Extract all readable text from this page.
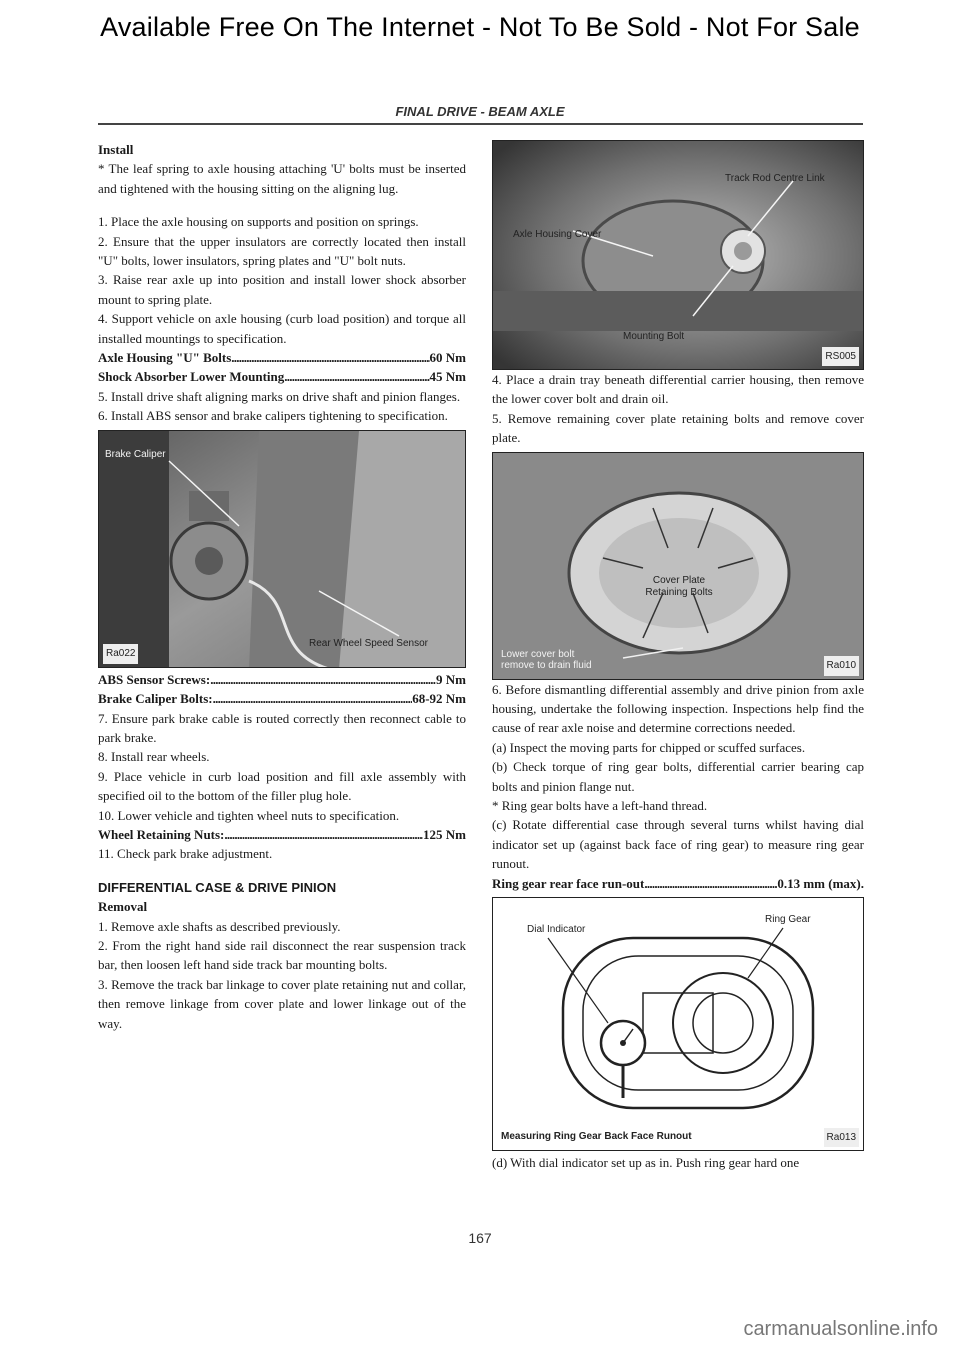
Available Free On The Internet - Not To Be Sold - Not For Sale
FINAL DRIVE - BEAM AXLE
Install
* The leaf spring to axle housing attaching 'U' bolts must be inserted and tightened with the housing sitting on the aligning lug.
1. Place the axle housing on supports and position on springs.
2. Ensure that the upper insulators are correctly located then install "U" bolts, lower insulators, spring plates and "U" bolt nuts.
3. Raise rear axle up into position and install lower shock absorber mount to spring plate.
4. Support vehicle on axle housing (curb load position) and torque all installed mountings to specification.
Axle Housing "U" Bolts . . .	60 Nm
Shock Absorber Lower Mounting . . .	45 Nm
5. Install drive shaft aligning marks on drive shaft and pinion flanges.
6. Install ABS sensor and brake calipers tightening to specification.
Brake Caliper
Rear Wheel Speed Sensor
Ra022
ABS Sensor Screws: . . .	9 Nm
Brake Caliper Bolts: . . .	68-92 Nm
7. Ensure park brake cable is routed correctly then reconnect cable to park brake.
8. Install rear wheels.
9. Place vehicle in curb load position and fill axle assembly with specified oil to the bottom of the filler plug hole.
10. Lower vehicle and tighten wheel nuts to specification.
Wheel Retaining Nuts: . . .	125 Nm
11. Check park brake adjustment.
DIFFERENTIAL CASE & DRIVE PINION
Removal
1. Remove axle shafts as described previously.
2. From the right hand side rail disconnect the rear suspension track bar, then loosen left hand side track bar mounting bolts.
3. Remove the track bar linkage to cover plate retaining nut and collar, then remove linkage from cover plate and lower linkage out of the way.
Track Rod Centre Link
Axle Housing Cover
Mounting Bolt
RS005
4. Place a drain tray beneath differential carrier housing, then remove the lower cover bolt and drain oil.
5. Remove remaining cover plate retaining bolts and remove cover plate.
Cover Plate Retaining Bolts
Lower cover bolt remove to drain fluid	Ra010
6. Before dismantling differential assembly and drive pinion from axle housing, undertake the following inspection. Inspections help find the cause of rear axle noise and determine corrections needed.
(a) Inspect the moving parts for chipped or scuffed surfaces.
(b) Check torque of ring gear bolts, differential carrier bearing cap bolts and pinion flange nut.
* Ring gear bolts have a left-hand thread.
(c) Rotate differential case through several turns whilst having dial indicator set up (against back face of ring gear) to measure ring gear runout.
Ring gear rear face run-out . . .	0.13 mm (max).
Dial Indicator
Ring Gear
Measuring Ring Gear Back Face Runout	Ra013
(d) With dial indicator set up as in. Push ring gear hard one
167
carmanualsonline.info
